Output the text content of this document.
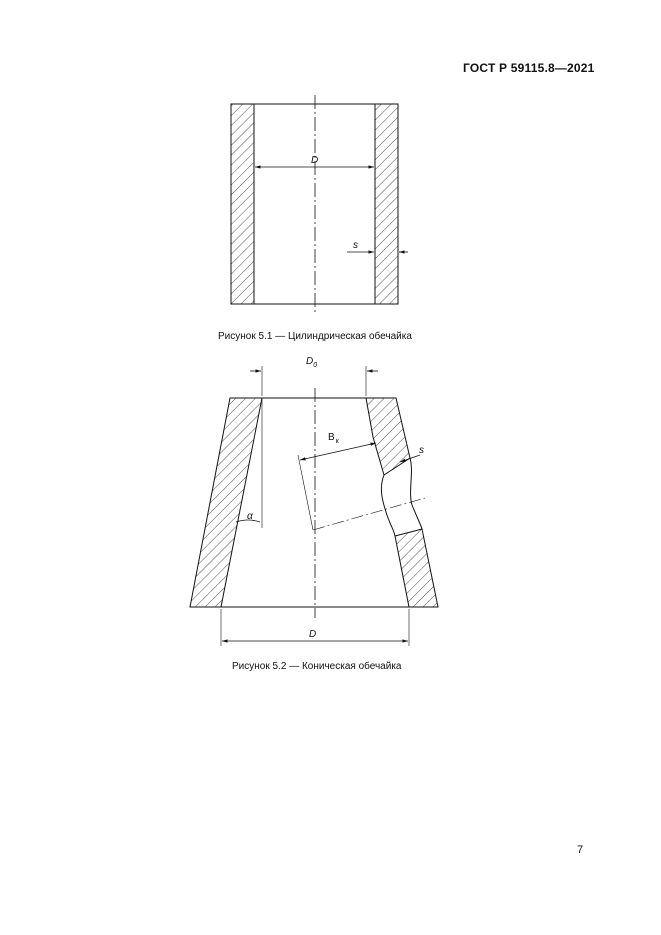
ГОСТ Р 59115.8—2021
D
s
$D_0$
$B_к$
s
α
D
Рисунок 5.1 — Цилиндрическая обечайка
Рисунок 5.2 — Коническая обечайка
7
